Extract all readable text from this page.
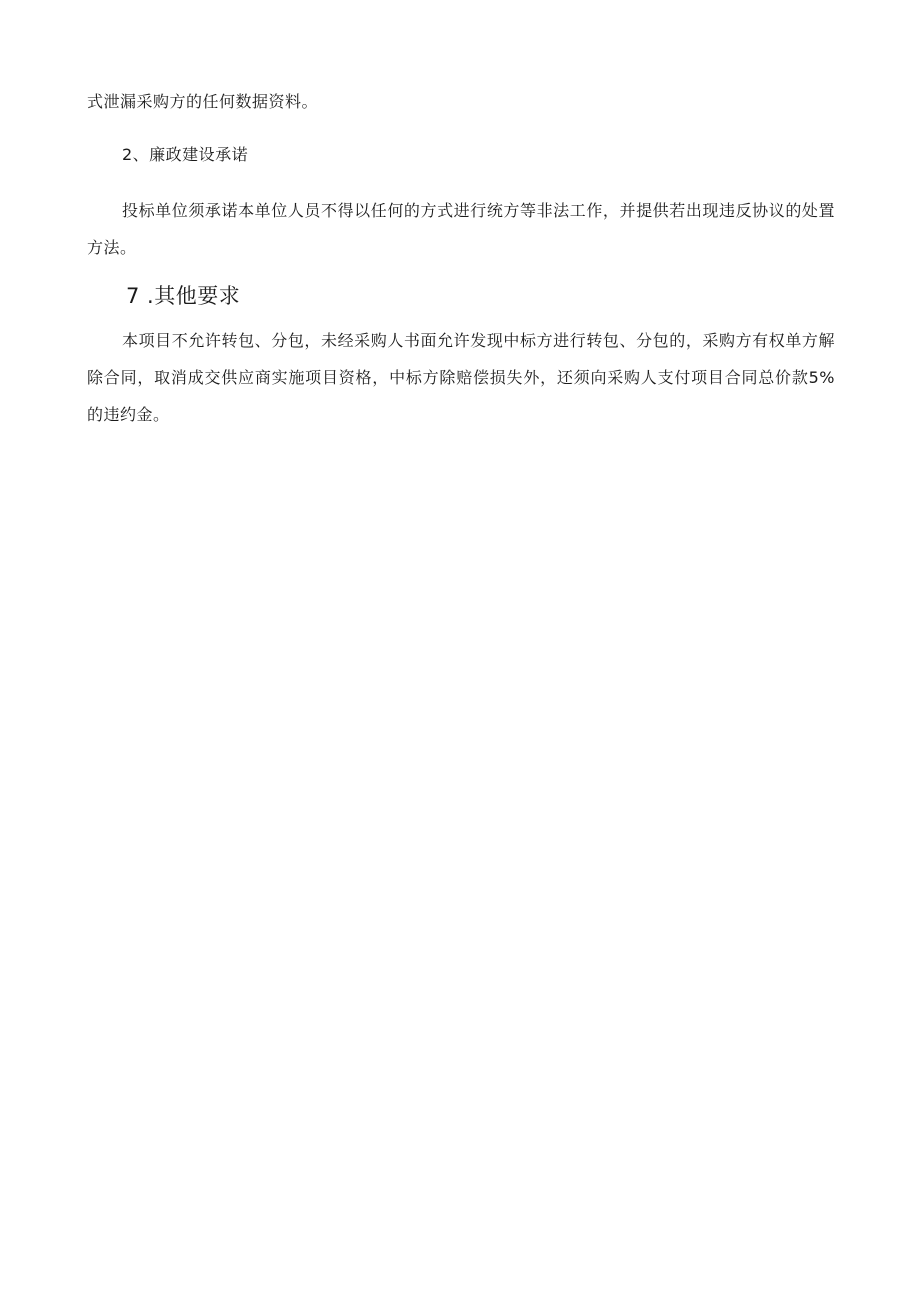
式泄漏采购方的任何数据资料。
2、廉政建设承诺
投标单位须承诺本单位人员不得以任何的方式进行统方等非法工作，并提供若出现违反协议的处置方法。
7 .其他要求
本项目不允许转包、分包，未经采购人书面允许发现中标方进行转包、分包的，采购方有权单方解除合同，取消成交供应商实施项目资格，中标方除赔偿损失外，还须向采购人支付项目合同总价款5%的违约金。
